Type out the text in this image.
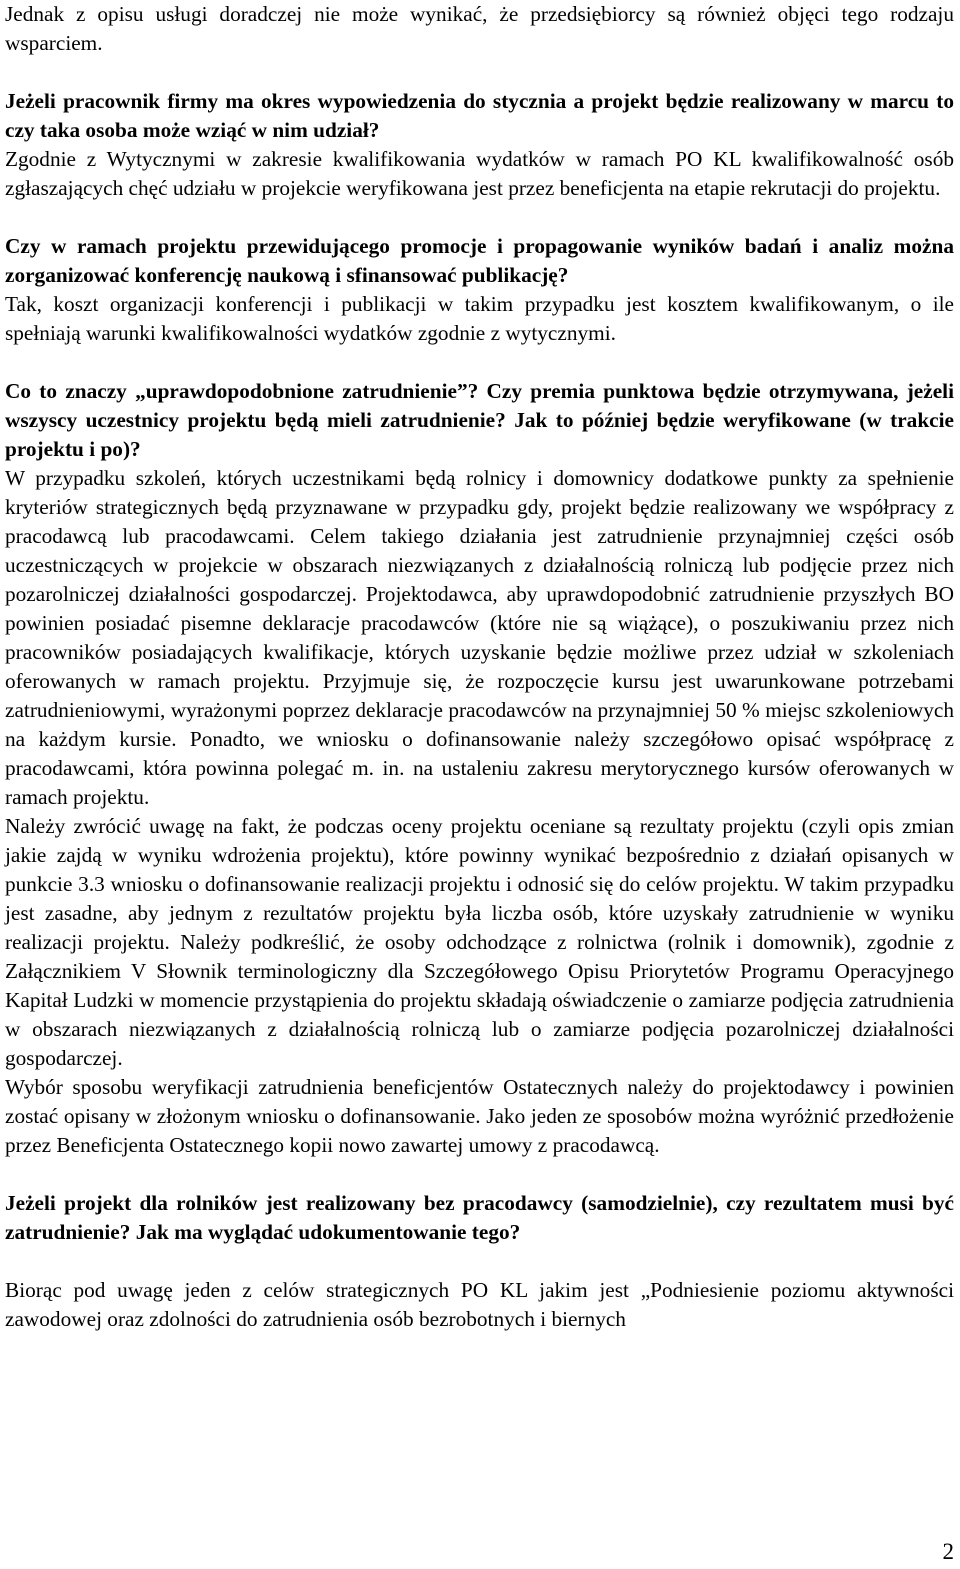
Jednak z opisu usługi doradczej nie może wynikać, że przedsiębiorcy są również objęci tego rodzaju wsparciem.

Jeżeli pracownik firmy ma okres wypowiedzenia do stycznia a projekt będzie realizowany w marcu to czy taka osoba może wziąć w nim udział?

Zgodnie z Wytycznymi w zakresie kwalifikowania wydatków w ramach PO KL kwalifikowalność osób zgłaszających chęć udziału w projekcie weryfikowana jest przez beneficjenta na etapie rekrutacji do projektu.

Czy w ramach projektu przewidującego promocje i propagowanie wyników badań i analiz można zorganizować konferencję naukową i sfinansować publikację?

Tak, koszt organizacji konferencji i publikacji w takim przypadku jest kosztem kwalifikowanym, o ile spełniają warunki kwalifikowalności wydatków zgodnie z wytycznymi.

Co to znaczy „uprawdopodobnione zatrudnienie”? Czy premia punktowa będzie otrzymywana, jeżeli wszyscy uczestnicy projektu będą mieli zatrudnienie? Jak to później będzie weryfikowane (w trakcie projektu i po)?

W przypadku szkoleń, których uczestnikami będą rolnicy i domownicy dodatkowe punkty za spełnienie kryteriów strategicznych będą przyznawane w przypadku gdy, projekt będzie realizowany we współpracy z pracodawcą lub pracodawcami. Celem takiego działania jest zatrudnienie przynajmniej części osób uczestniczących w projekcie w obszarach niezwiązanych z działalnością rolniczą lub podjęcie przez nich pozarolniczej działalności gospodarczej. Projektodawca, aby uprawdopodobnić zatrudnienie przyszłych BO powinien posiadać pisemne deklaracje pracodawców (które nie są wiążące), o poszukiwaniu przez nich pracowników posiadających kwalifikacje, których uzyskanie będzie możliwe przez udział w szkoleniach oferowanych w ramach projektu. Przyjmuje się, że rozpoczęcie kursu jest uwarunkowane potrzebami zatrudnieniowymi, wyrażonymi poprzez deklaracje pracodawców na przynajmniej 50 % miejsc szkoleniowych na każdym kursie. Ponadto, we wniosku o dofinansowanie należy szczegółowo opisać współpracę z pracodawcami, która powinna polegać m. in. na ustaleniu zakresu merytorycznego kursów oferowanych w ramach projektu.

Należy zwrócić uwagę na fakt, że podczas oceny projektu oceniane są rezultaty projektu (czyli opis zmian jakie zajdą w wyniku wdrożenia projektu), które powinny wynikać bezpośrednio z działań opisanych w punkcie 3.3 wniosku o dofinansowanie realizacji projektu i odnosić się do celów projektu. W takim przypadku jest zasadne, aby jednym z rezultatów projektu była liczba osób, które uzyskały zatrudnienie w wyniku realizacji projektu. Należy podkreślić, że osoby odchodzące z rolnictwa (rolnik i domownik), zgodnie z Załącznikiem V Słownik terminologiczny dla Szczegółowego Opisu Priorytetów Programu Operacyjnego Kapitał Ludzki w momencie przystąpienia do projektu składają oświadczenie o zamiarze podjęcia zatrudnienia w obszarach niezwiązanych z działalnością rolniczą lub o zamiarze podjęcia pozarolniczej działalności gospodarczej.

Wybór sposobu weryfikacji zatrudnienia beneficjentów Ostatecznych należy do projektodawcy i powinien zostać opisany w złożonym wniosku o dofinansowanie. Jako jeden ze sposobów można wyróżnić przedłożenie przez Beneficjenta Ostatecznego kopii nowo zawartej umowy z pracodawcą.

Jeżeli projekt dla rolników jest realizowany bez pracodawcy (samodzielnie), czy rezultatem musi być zatrudnienie? Jak ma wyglądać udokumentowanie tego?

Biorąc pod uwagę jeden z celów strategicznych PO KL jakim jest „Podniesienie poziomu aktywności zawodowej oraz zdolności do zatrudnienia osób bezrobotnych i biernych

2
